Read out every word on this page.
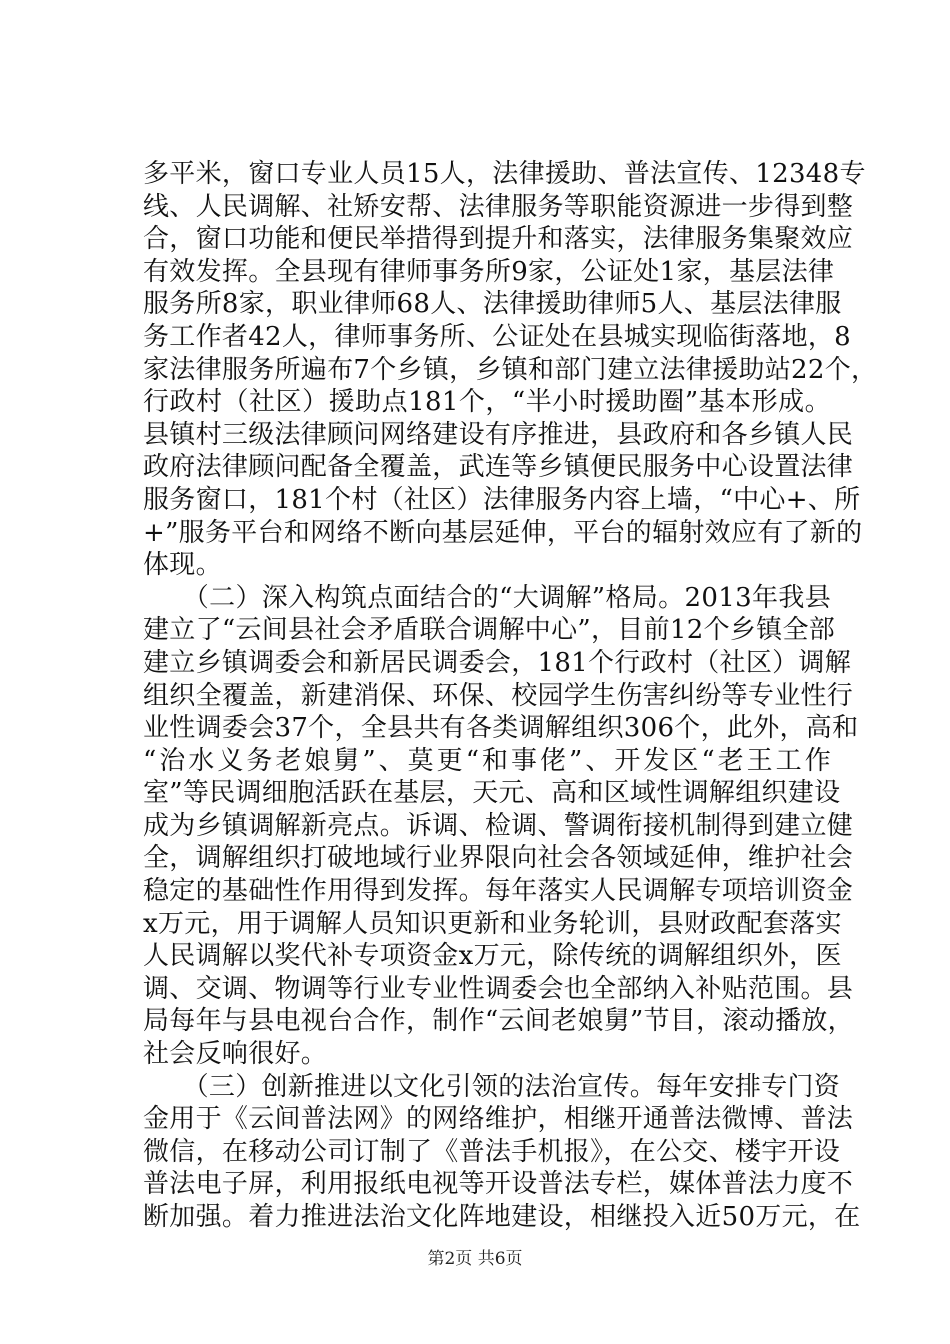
多平米，窗口专业人员15人，法律援助、普法宣传、12348专
线、人民调解、社矫安帮、法律服务等职能资源进一步得到整
合，窗口功能和便民举措得到提升和落实，法律服务集聚效应
有效发挥。全县现有律师事务所9家，公证处1家，基层法律
服务所8家，职业律师68人、法律援助律师5人、基层法律服
务工作者42人，律师事务所、公证处在县城实现临街落地，8
家法律服务所遍布7个乡镇，乡镇和部门建立法律援助站22个，
行政村（社区）援助点181个，“半小时援助圈”基本形成。
县镇村三级法律顾问网络建设有序推进，县政府和各乡镇人民
政府法律顾问配备全覆盖，武连等乡镇便民服务中心设置法律
服务窗口，181个村（社区）法律服务内容上墙，“中心+、所
+”服务平台和网络不断向基层延伸，平台的辐射效应有了新的
体现。
　　（二）深入构筑点面结合的“大调解”格局。2013年我县
建立了“云间县社会矛盾联合调解中心”，目前12个乡镇全部
建立乡镇调委会和新居民调委会，181个行政村（社区）调解
组织全覆盖，新建消保、环保、校园学生伤害纠纷等专业性行
业性调委会37个，全县共有各类调解组织306个，此外，高和
“治水义务老娘舅”、莫更“和事佬”、开发区“老王工作
室”等民调细胞活跃在基层，天元、高和区域性调解组织建设
成为乡镇调解新亮点。诉调、检调、警调衔接机制得到建立健
全，调解组织打破地域行业界限向社会各领域延伸，维护社会
稳定的基础性作用得到发挥。每年落实人民调解专项培训资金
x万元，用于调解人员知识更新和业务轮训，县财政配套落实
人民调解以奖代补专项资金x万元，除传统的调解组织外，医
调、交调、物调等行业专业性调委会也全部纳入补贴范围。县
局每年与县电视台合作，制作“云间老娘舅”节目，滚动播放，
社会反响很好。
　　（三）创新推进以文化引领的法治宣传。每年安排专门资
金用于《云间普法网》的网络维护，相继开通普法微博、普法
微信，在移动公司订制了《普法手机报》，在公交、楼宇开设
普法电子屏，利用报纸电视等开设普法专栏，媒体普法力度不
断加强。着力推进法治文化阵地建设，相继投入近50万元，在
第2页 共6页
